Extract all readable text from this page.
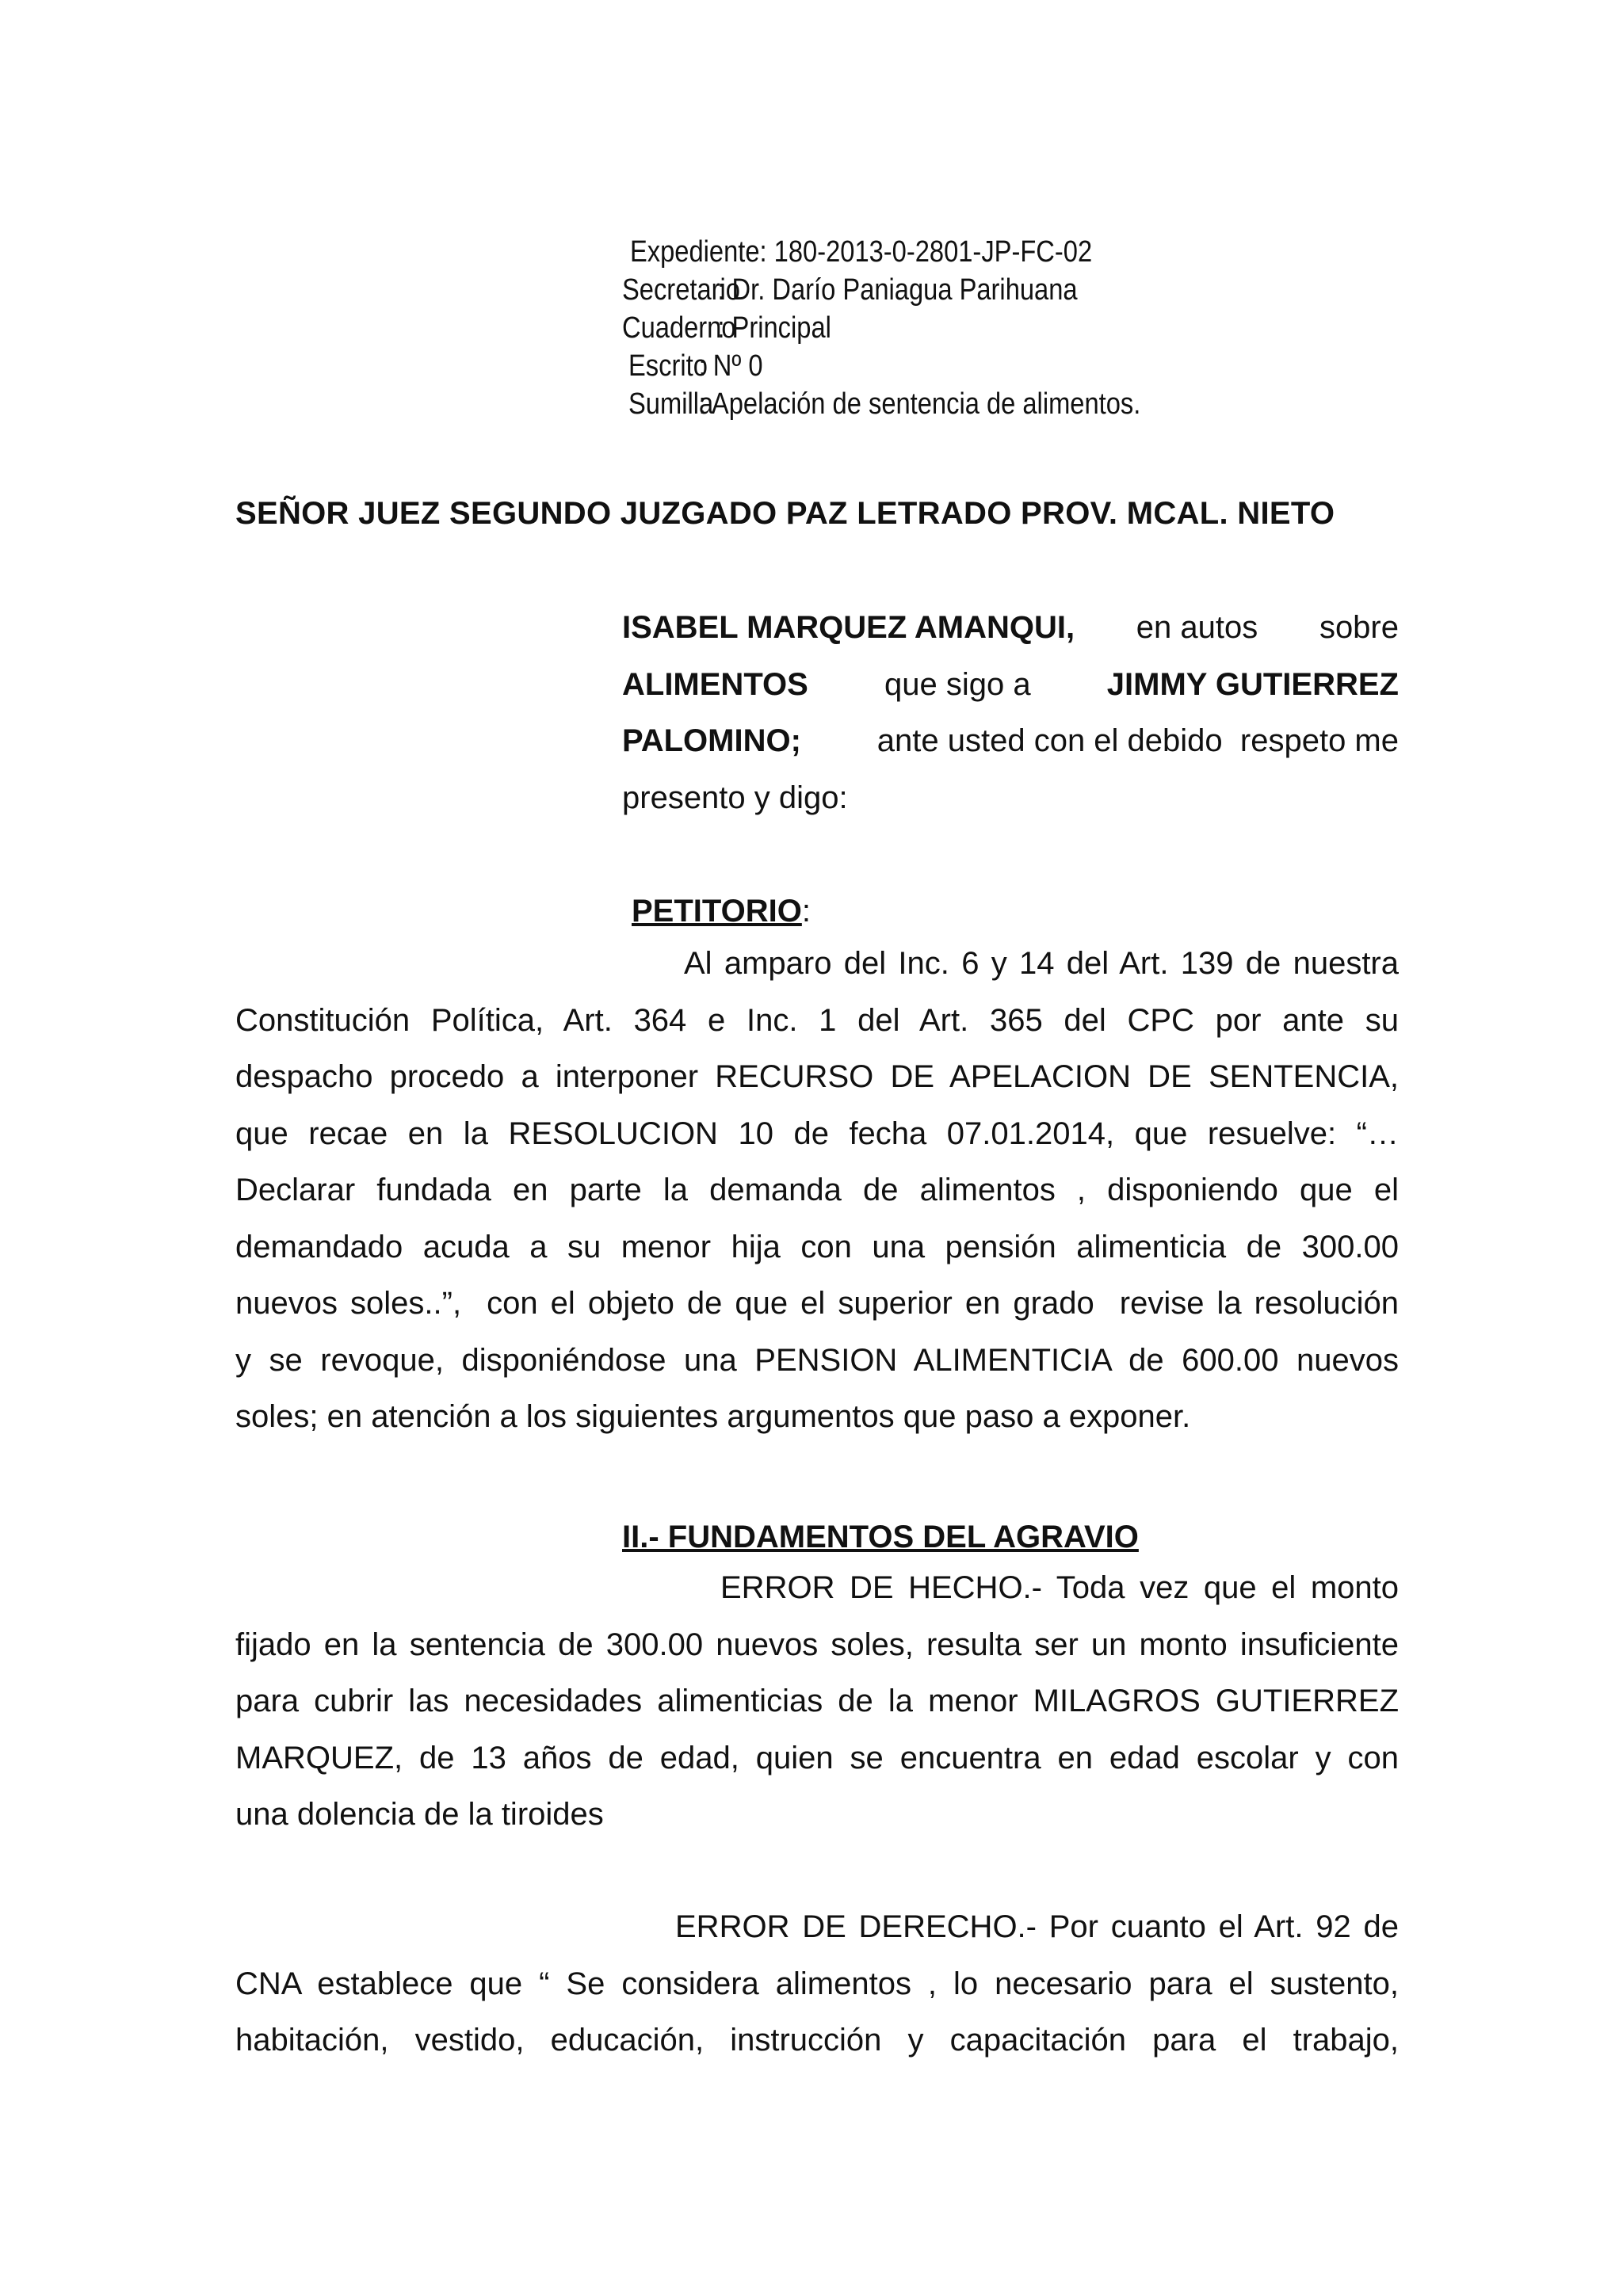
Expediente: 180-2013-0-2801-JP-FC-02
Secretario: Dr. Darío Paniagua Parihuana
Cuaderno: Principal
Escrito: Nº 0
Sumilla: Apelación de sentencia de alimentos.
SEÑOR JUEZ SEGUNDO JUZGADO PAZ LETRADO PROV. MCAL. NIETO
ISABEL MARQUEZ AMANQUI, en autos sobre
ALIMENTOS que sigo a JIMMY GUTIERREZ
PALOMINO; ante usted con el debido  respeto me
presento y digo:
PETITORIO:
Al amparo del Inc. 6 y 14 del Art. 139 de nuestra
Constitución Política, Art. 364 e Inc. 1 del Art. 365 del CPC por ante su
despacho procedo a interponer RECURSO DE APELACION DE SENTENCIA,
que recae en la RESOLUCION 10 de fecha 07.01.2014, que resuelve: “…
Declarar fundada en parte la demanda de alimentos , disponiendo que el
demandado acuda a su menor hija con una pensión alimenticia de 300.00
nuevos soles..”,  con el objeto de que el superior en grado  revise la resolución
y se revoque, disponiéndose una PENSION ALIMENTICIA de 600.00 nuevos
soles; en atención a los siguientes argumentos que paso a exponer.
II.- FUNDAMENTOS DEL AGRAVIO
ERROR DE HECHO.- Toda vez que el monto
fijado en la sentencia de 300.00 nuevos soles, resulta ser un monto insuficiente
para cubrir las necesidades alimenticias de la menor MILAGROS GUTIERREZ
MARQUEZ, de 13 años de edad, quien se encuentra en edad escolar y con
una dolencia de la tiroides
ERROR DE DERECHO.- Por cuanto el Art. 92 de
CNA establece que “ Se considera alimentos , lo necesario para el sustento,
habitación, vestido, educación, instrucción y capacitación para el trabajo,
